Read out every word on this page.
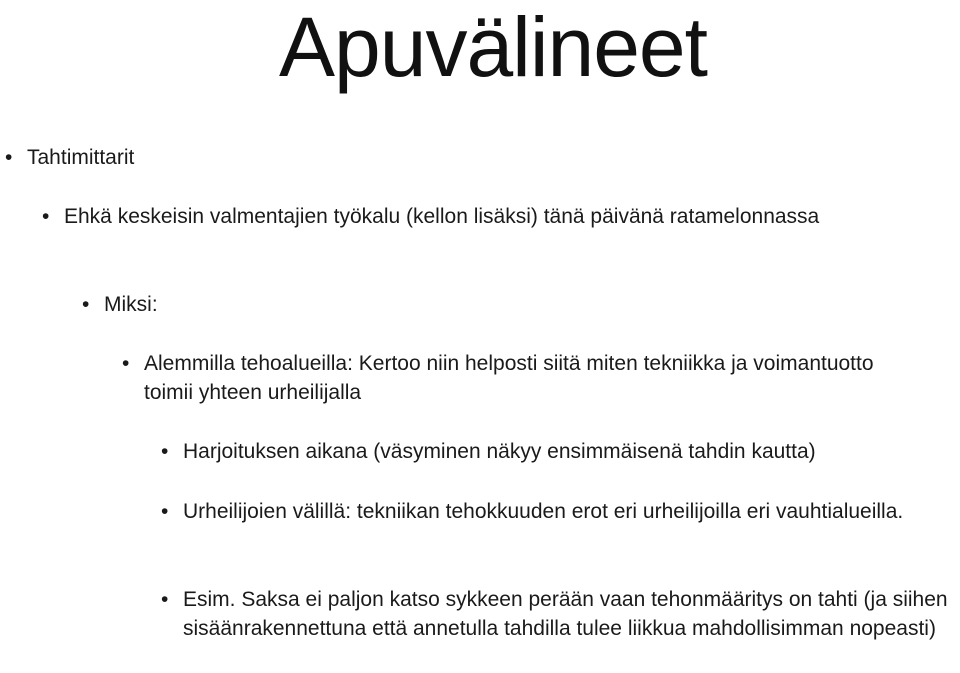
Apuvälineet
• Tahtimittarit
• Ehkä keskeisin valmentajien työkalu (kellon lisäksi) tänä päivänä ratamelonnassa
• Miksi:
• Alemmilla tehoalueilla: Kertoo niin helposti siitä miten tekniikka ja voimantuotto toimii yhteen urheilijalla
• Harjoituksen aikana (väsyminen näkyy ensimmäisenä tahdin kautta)
• Urheilijoien välillä: tekniikan tehokkuuden erot eri urheilijoilla eri vauhtialueilla.
• Esim. Saksa ei paljon katso sykkeen perään vaan tehonmääritys on tahti (ja siihen sisäänrakennettuna että annetulla tahdilla tulee liikkua mahdollisimman nopeasti)
